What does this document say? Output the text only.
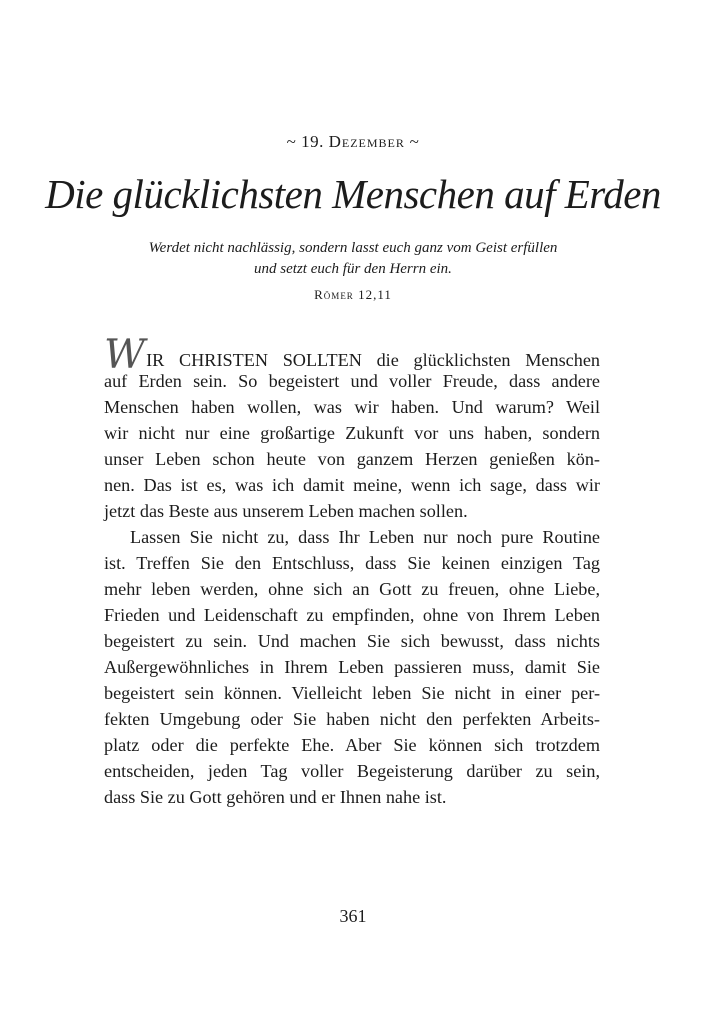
~ 19. Dezember ~
Die glücklichsten Menschen auf Erden
Werdet nicht nachlässig, sondern lasst euch ganz vom Geist erfüllen
und setzt euch für den Herrn ein.
Römer 12,11
WIR CHRISTEN SOLLTEN die glücklichsten Menschen
auf Erden sein. So begeistert und voller Freude, dass andere
Menschen haben wollen, was wir haben. Und warum? Weil
wir nicht nur eine großartige Zukunft vor uns haben, sondern
unser Leben schon heute von ganzem Herzen genießen kön-
nen. Das ist es, was ich damit meine, wenn ich sage, dass wir
jetzt das Beste aus unserem Leben machen sollen.
Lassen Sie nicht zu, dass Ihr Leben nur noch pure Routine
ist. Treffen Sie den Entschluss, dass Sie keinen einzigen Tag
mehr leben werden, ohne sich an Gott zu freuen, ohne Liebe,
Frieden und Leidenschaft zu empfinden, ohne von Ihrem Leben
begeistert zu sein. Und machen Sie sich bewusst, dass nichts
Außergewöhnliches in Ihrem Leben passieren muss, damit Sie
begeistert sein können. Vielleicht leben Sie nicht in einer per-
fekten Umgebung oder Sie haben nicht den perfekten Arbeits-
platz oder die perfekte Ehe. Aber Sie können sich trotzdem
entscheiden, jeden Tag voller Begeisterung darüber zu sein,
dass Sie zu Gott gehören und er Ihnen nahe ist.
361
